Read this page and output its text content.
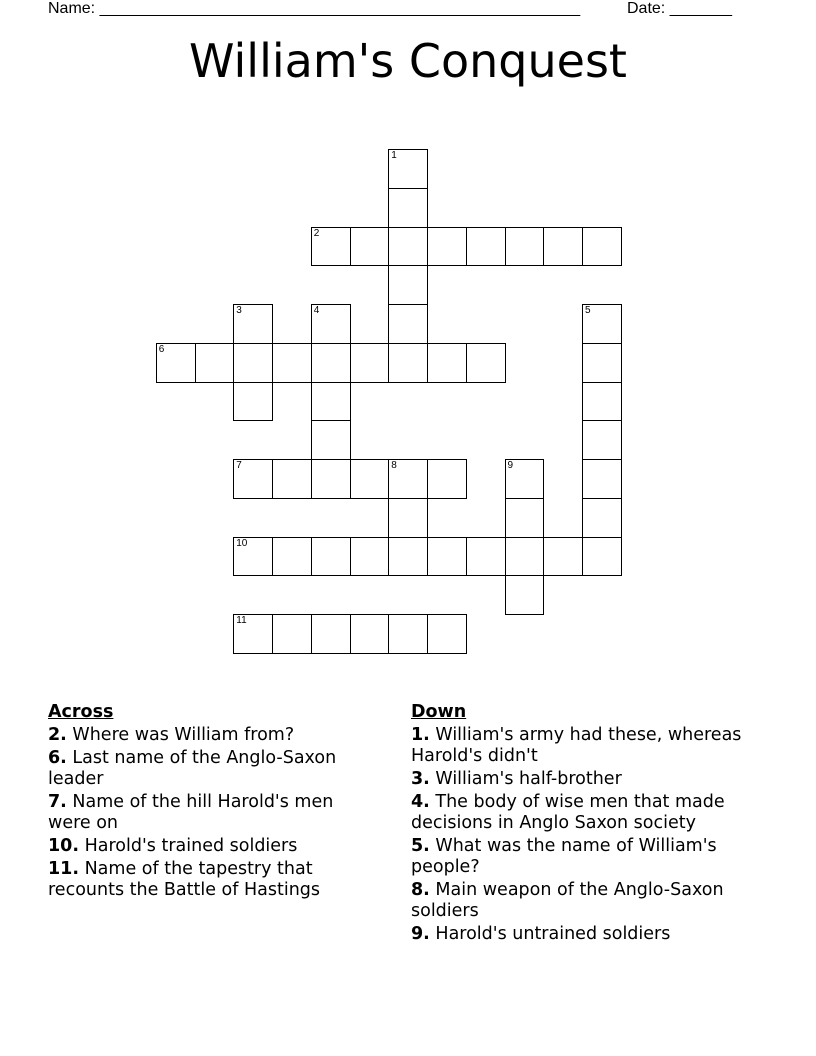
Name: ______________________________________________________	Date: _______
William's Conquest
1
2
3	4	5
6
7	8	9
10
11
Across
2. Where was William from?
6. Last name of the Anglo-Saxon leader
7. Name of the hill Harold's men were on
10. Harold's trained soldiers
11. Name of the tapestry that recounts the Battle of Hastings
Down
1. William's army had these, whereas Harold's didn't
3. William's half-brother
4. The body of wise men that made decisions in Anglo Saxon society
5. What was the name of William's people?
8. Main weapon of the Anglo-Saxon soldiers
9. Harold's untrained soldiers
